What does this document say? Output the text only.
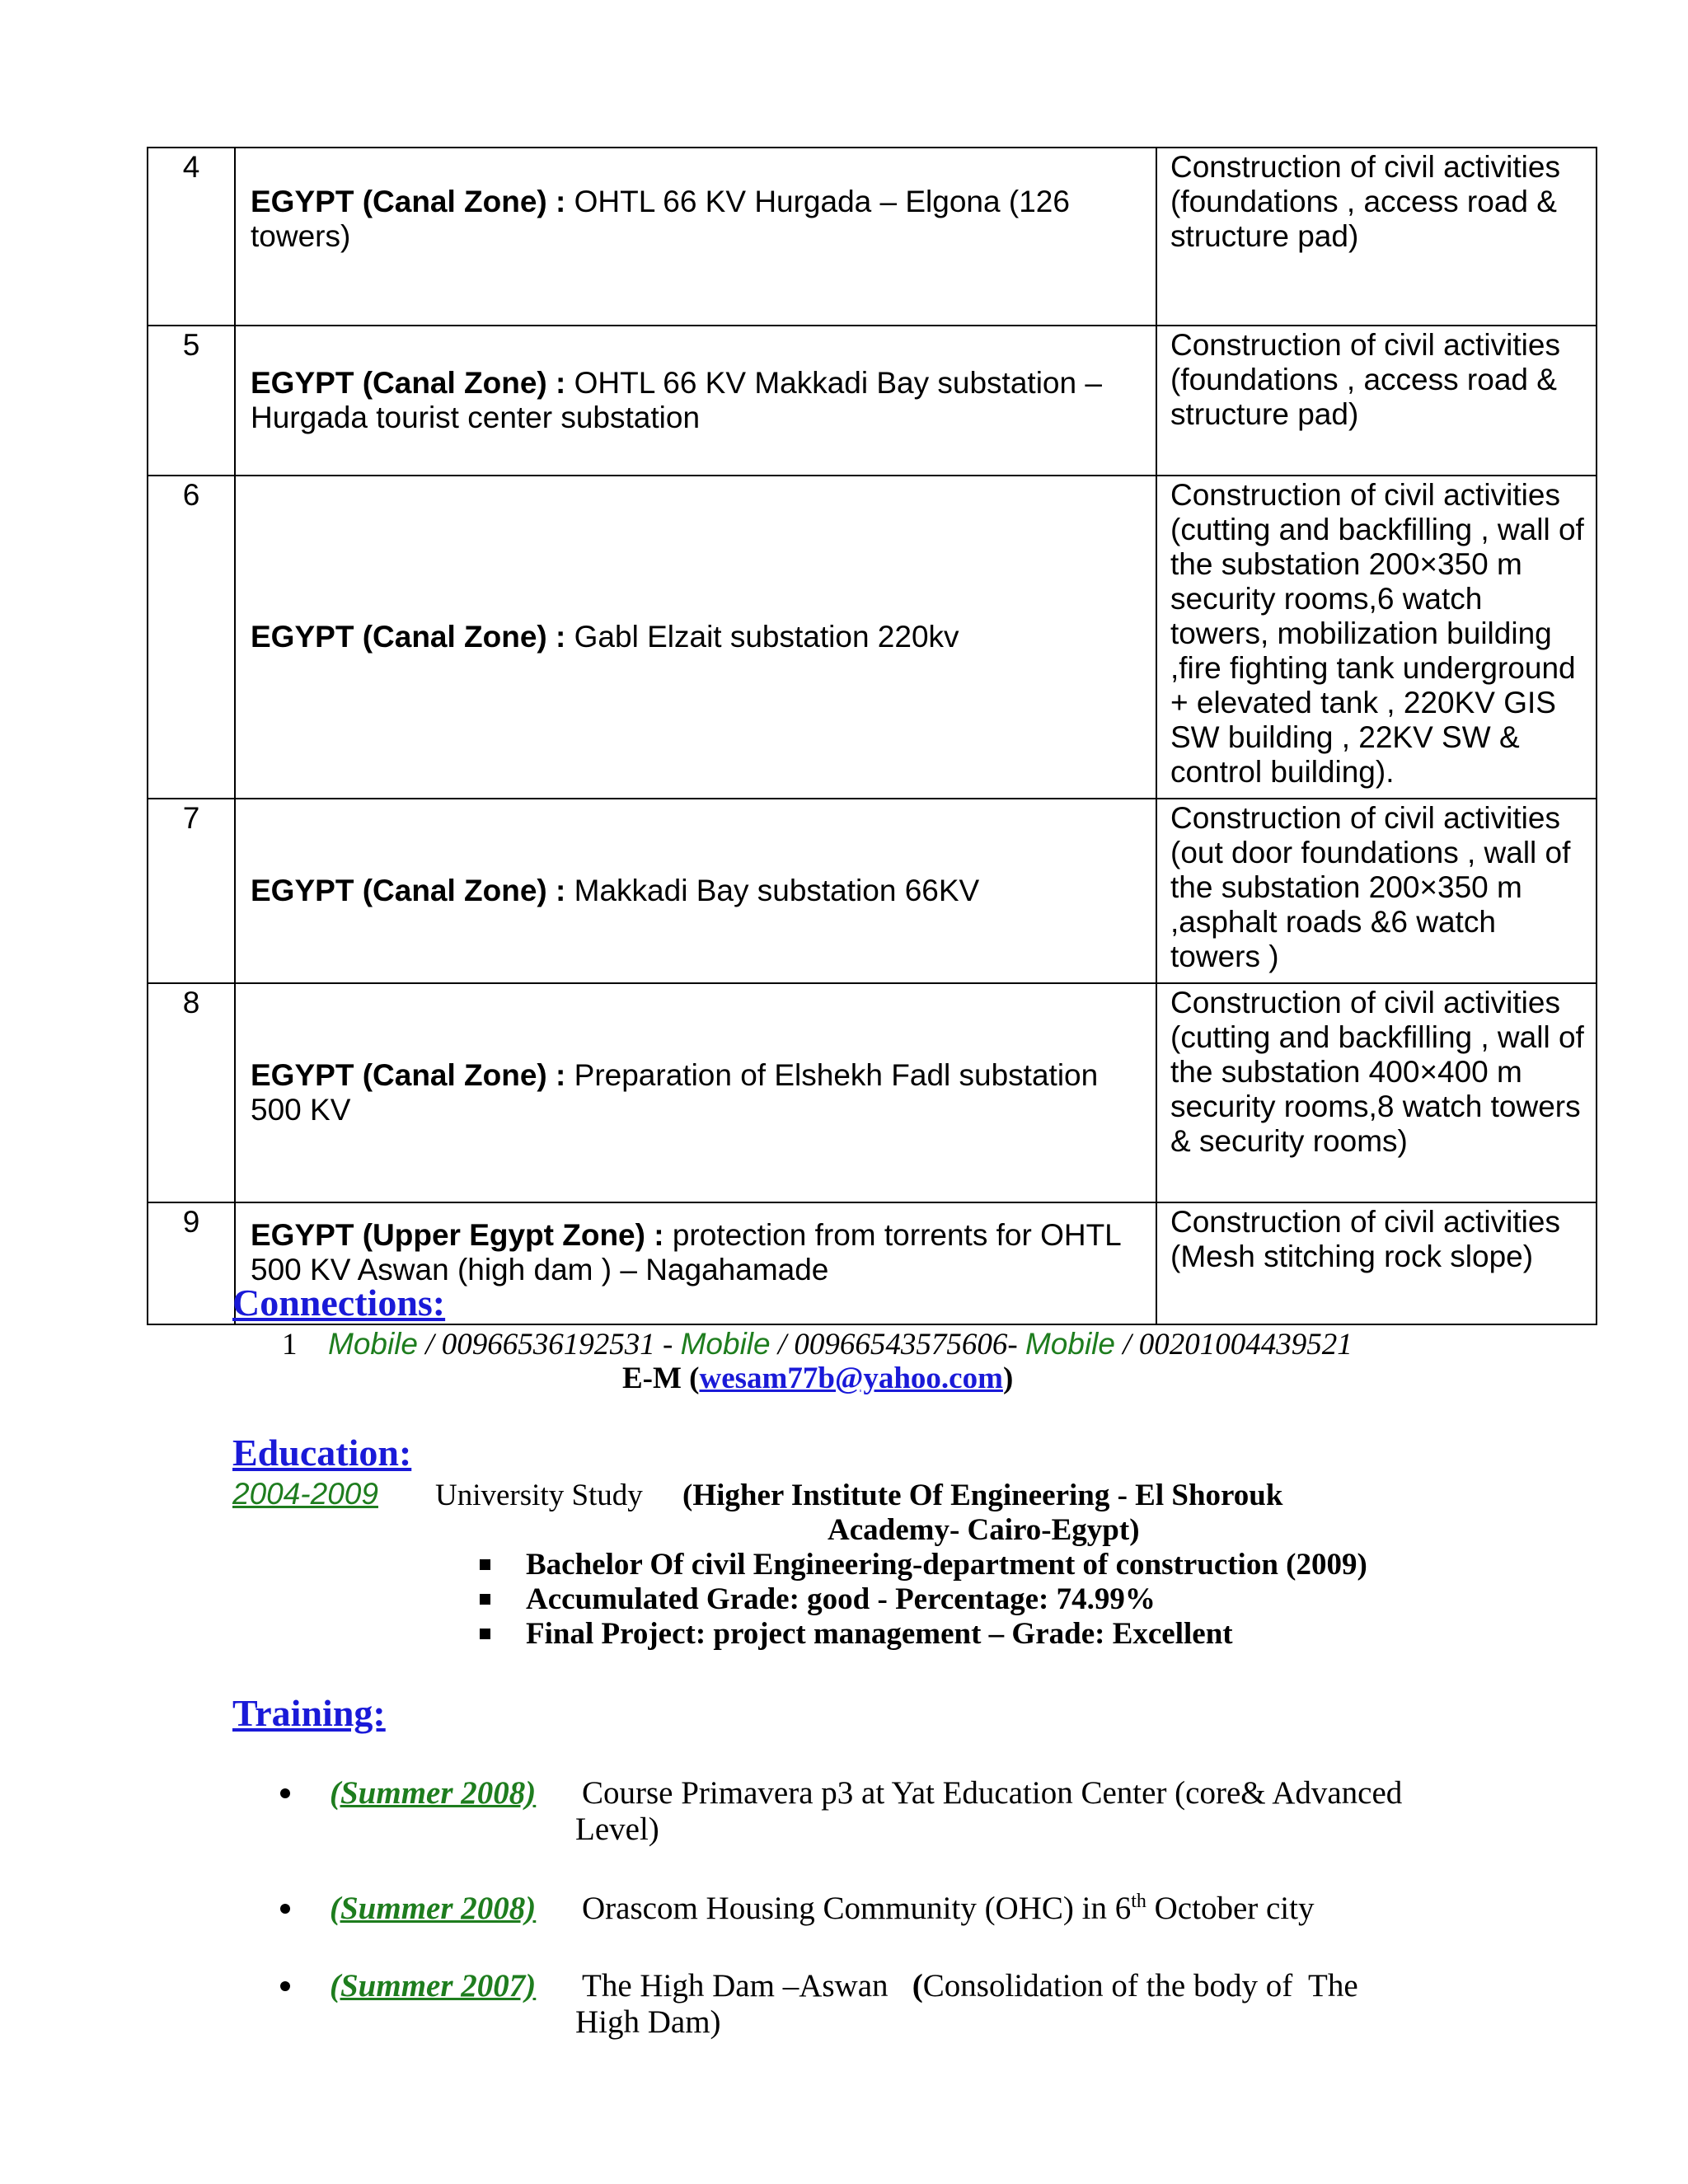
4	EGYPT (Canal Zone) : OHTL 66 KV Hurgada – Elgona (126 towers)	Construction of civil activities (foundations , access road & structure pad)
5	EGYPT (Canal Zone) : OHTL 66 KV Makkadi Bay substation – Hurgada tourist center substation	Construction of civil activities (foundations , access road & structure pad)
6	EGYPT (Canal Zone) : Gabl Elzait substation 220kv	Construction of civil activities (cutting and backfilling , wall of the substation 200×350 m security rooms,6 watch towers, mobilization building ,fire fighting tank underground + elevated tank , 220KV GIS SW building , 22KV SW & control building).
7	EGYPT (Canal Zone) : Makkadi Bay substation 66KV	Construction of civil activities (out door foundations , wall of the substation 200×350 m ,asphalt roads &6 watch towers )
8	EGYPT (Canal Zone) : Preparation of Elshekh Fadl substation 500 KV	Construction of civil activities (cutting and backfilling , wall of the substation 400×400 m security rooms,8 watch towers & security rooms)
9	EGYPT (Upper Egypt Zone) : protection from torrents for OHTL 500 KV Aswan (high dam ) – Nagahamade	Construction of civil activities (Mesh stitching rock slope)
Connections:
1 Mobile / 00966536192531 - Mobile / 00966543575606- Mobile / 00201004439521
E-M (wesam77b@yahoo.com)
Education:
2004-2009 University Study (Higher Institute Of Engineering - El Shorouk
Academy- Cairo-Egypt)
Bachelor Of civil Engineering-department of construction (2009)
Accumulated Grade: good - Percentage: 74.99%
Final Project: project management – Grade: Excellent
Training:
(Summer 2008) Course Primavera p3 at Yat Education Center (core& Advanced
Level)
(Summer 2008) Orascom Housing Community (OHC) in 6th October city
(Summer 2007) The High Dam –Aswan   (Consolidation of the body of  The
High Dam)
